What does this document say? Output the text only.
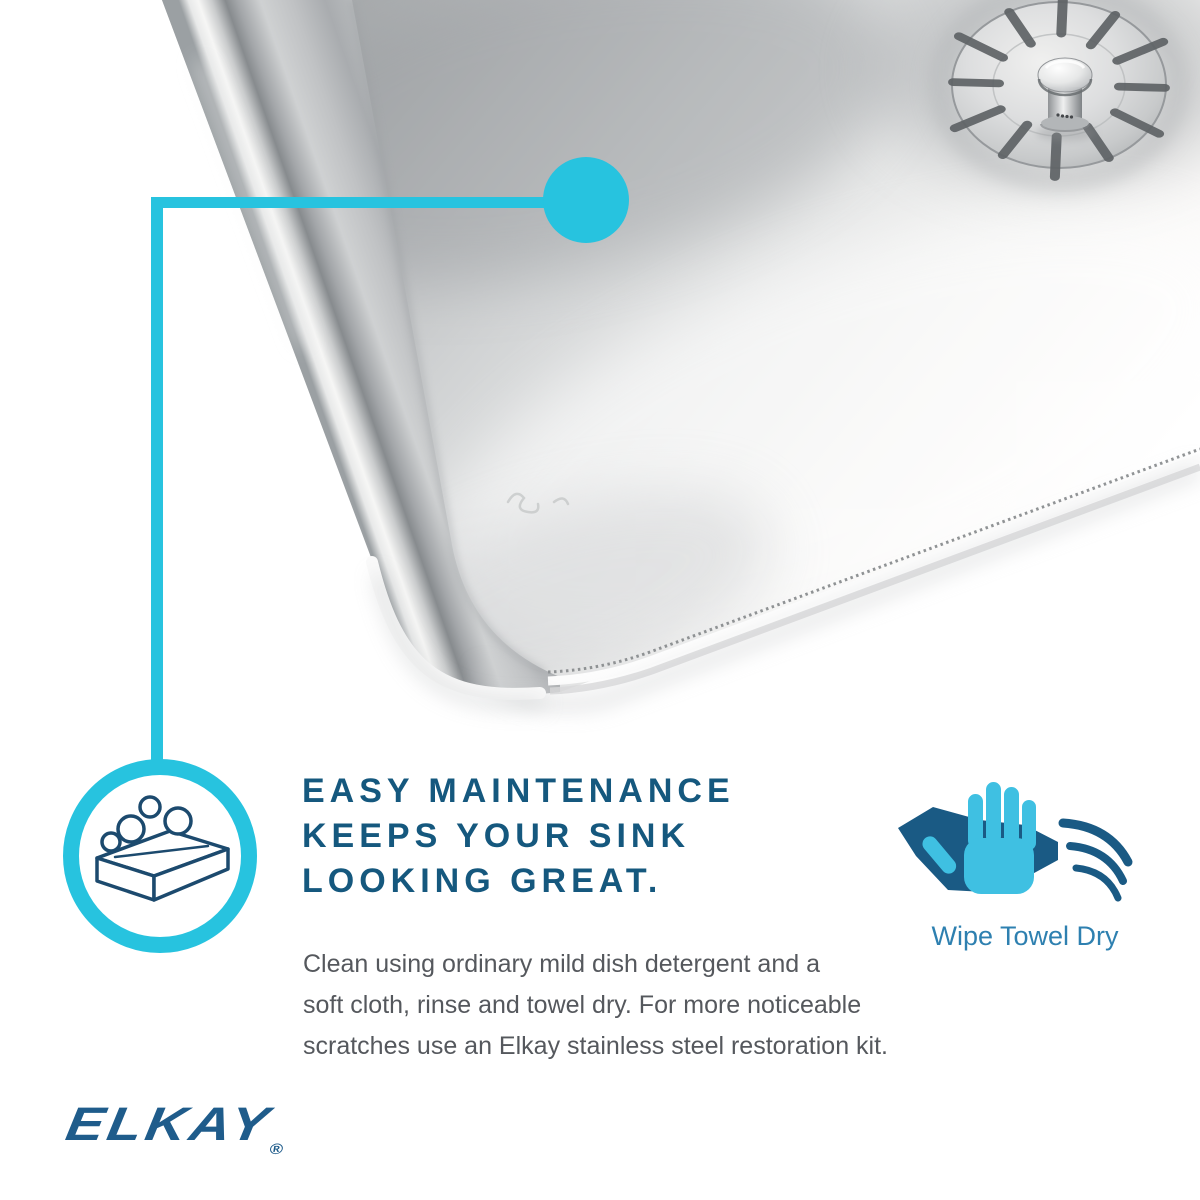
EASY MAINTENANCE
KEEPS YOUR SINK
LOOKING GREAT.
Clean using ordinary mild dish detergent and a
soft cloth, rinse and towel dry. For more noticeable
scratches use an Elkay stainless steel restoration kit.
Wipe Towel Dry
$ELKAY_®$
